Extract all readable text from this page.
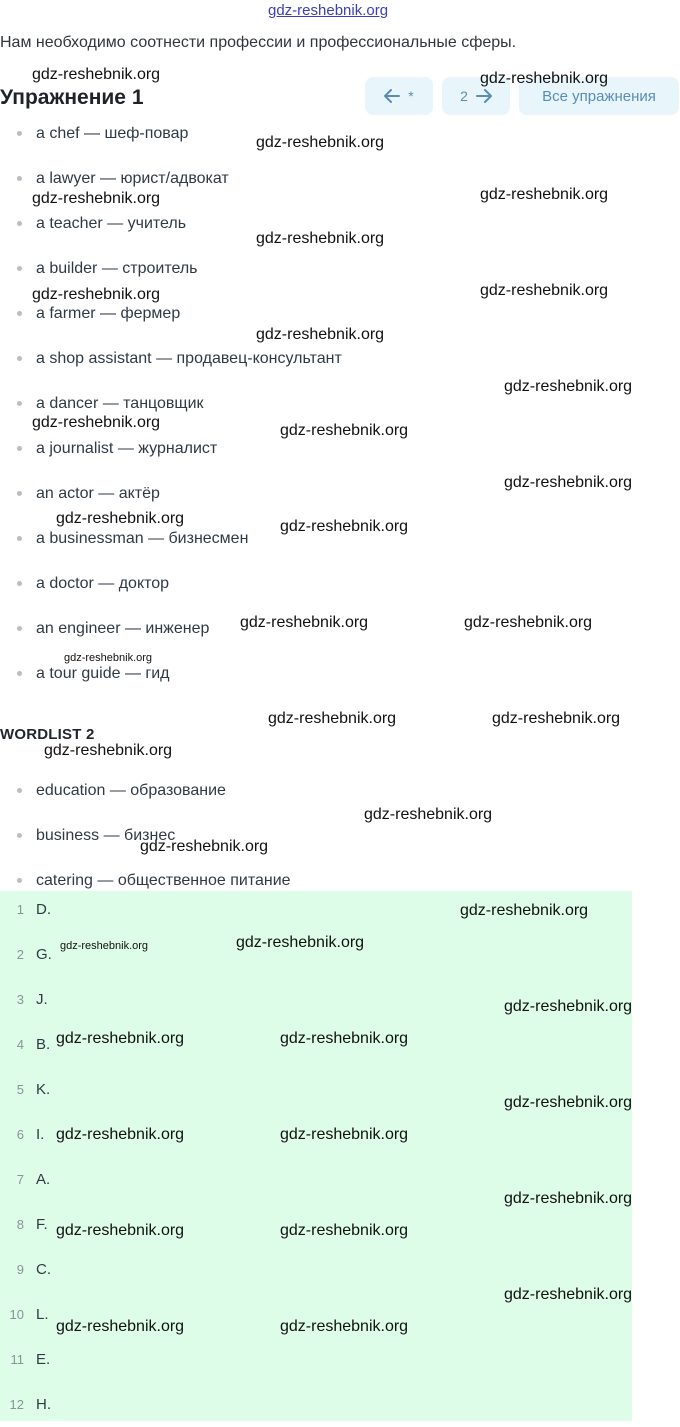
gdz-reshebnik.org
Нам необходимо соотнести профессии и профессиональные сферы.
Упражнение 1	*	2	Все упражнения
a chef — шеф-повар
a lawyer — юрист/адвокат
a teacher — учитель
a builder — строитель
a farmer — фермер
a shop assistant — продавец-консультант
a dancer — танцовщик
a journalist — журналист
an actor — актёр
a businessman — бизнесмен
a doctor — доктор
an engineer — инженер
a tour guide — гид
WORDLIST 2
education — образование
business — бизнес
catering — общественное питание
1 D.
2 G.
3 J.
4 B.
5 K.
6 I.
7 A.
8 F.
9 C.
10 L.
11 E.
12 H.
gdz-reshebnik.org	gdz-reshebnik.org
gdz-reshebnik.org
gdz-reshebnik.org
gdz-reshebnik.org
gdz-reshebnik.org
gdz-reshebnik.org
gdz-reshebnik.org
gdz-reshebnik.org
gdz-reshebnik.org
gdz-reshebnik.org	gdz-reshebnik.org
gdz-reshebnik.org
gdz-reshebnik.org	gdz-reshebnik.org
gdz-reshebnik.org	gdz-reshebnik.org
gdz-reshebnik.org
gdz-reshebnik.org	gdz-reshebnik.org
gdz-reshebnik.org
gdz-reshebnik.org
gdz-reshebnik.org
gdz-reshebnik.org
gdz-reshebnik.org
gdz-reshebnik.org
gdz-reshebnik.org
gdz-reshebnik.org	gdz-reshebnik.org
gdz-reshebnik.org
gdz-reshebnik.org	gdz-reshebnik.org
gdz-reshebnik.org
gdz-reshebnik.org	gdz-reshebnik.org
gdz-reshebnik.org
gdz-reshebnik.org	gdz-reshebnik.org
